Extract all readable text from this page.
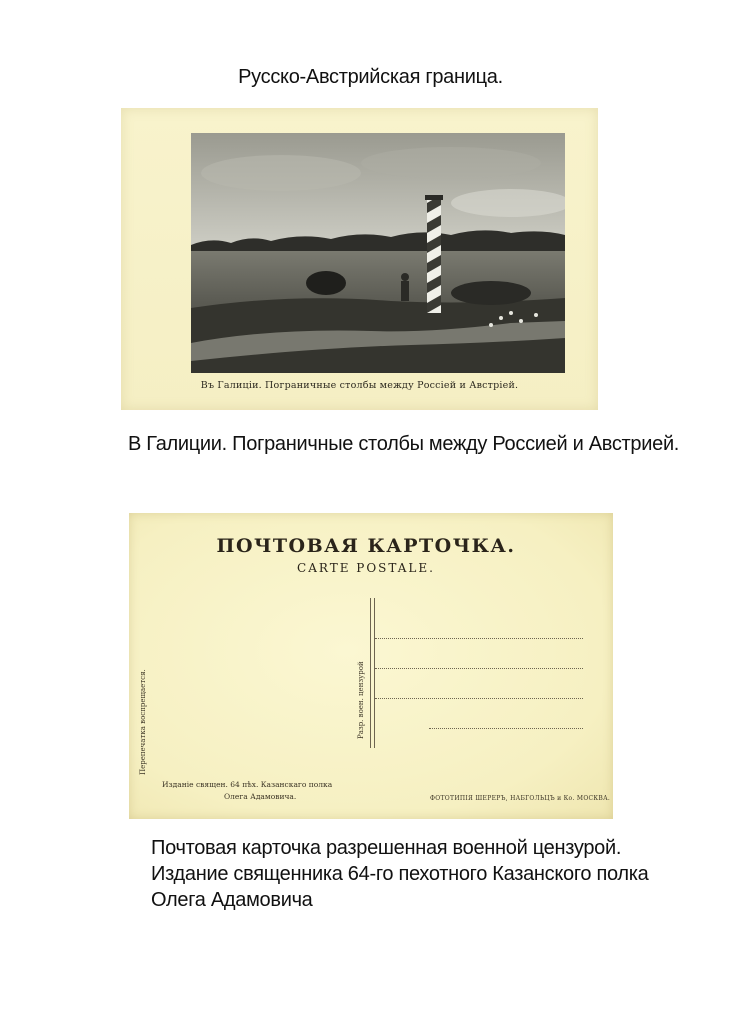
Русско-Австрийская граница.
Въ Галиціи. Пограничные столбы между Россіей и Австріей.
В Галиции. Пограничные столбы между Россией и Австрией.
ПОЧТОВАЯ КАРТОЧКА.
CARTE POSTALE.
Перепечатка воспрещается.	Разр. воен. цензурой
Изданіе священ. 64 пѣх. Казанскаго полка
Олега Адамовича.	ФОТОТИПІЯ ШЕРЕРЪ, НАБГОЛЬЦЪ и Ко. МОСКВА.
Почтовая карточка разрешенная военной цензурой.
Издание священника 64-го пехотного Казанского полка
Олега Адамовича
